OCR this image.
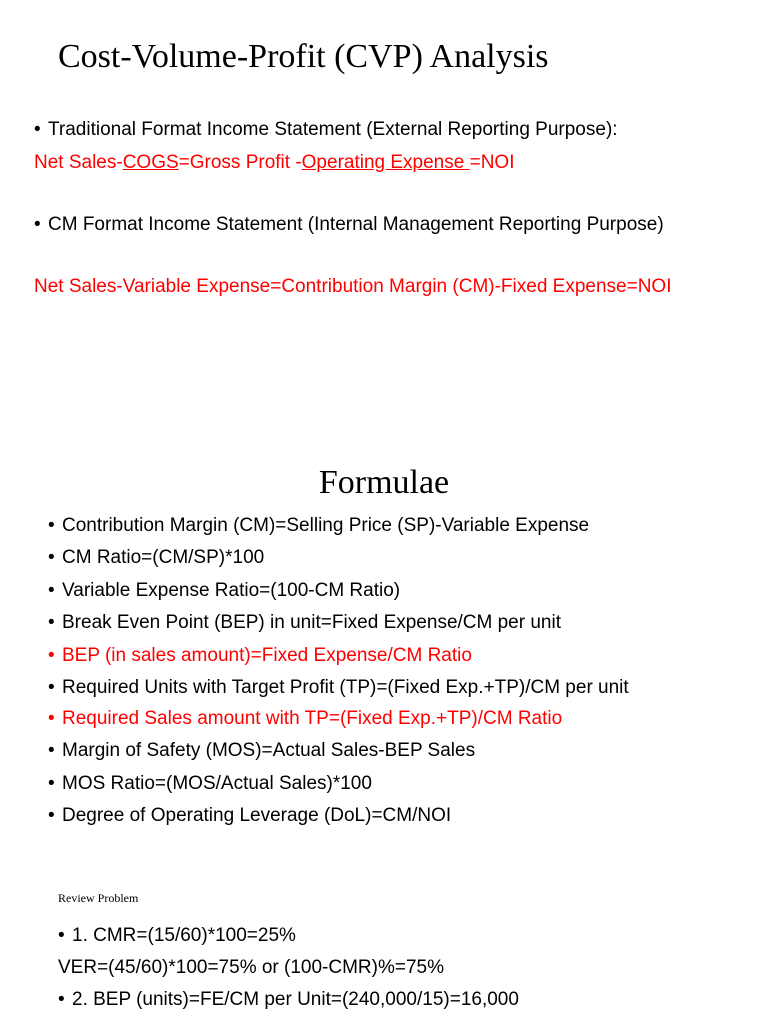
Cost-Volume-Profit (CVP) Analysis
• Traditional Format Income Statement (External Reporting Purpose):
Net Sales-COGS=Gross Profit -Operating Expense =NOI
• CM Format Income Statement (Internal Management Reporting Purpose)
Net Sales-Variable Expense=Contribution Margin (CM)-Fixed Expense=NOI
Formulae
• Contribution Margin (CM)=Selling Price (SP)-Variable Expense
• CM Ratio=(CM/SP)*100
• Variable Expense Ratio=(100-CM Ratio)
• Break Even Point (BEP) in unit=Fixed Expense/CM per unit
• BEP (in sales amount)=Fixed Expense/CM Ratio
• Required Units with Target Profit (TP)=(Fixed Exp.+TP)/CM per unit
• Required Sales amount with TP=(Fixed Exp.+TP)/CM Ratio
• Margin of Safety (MOS)=Actual Sales-BEP Sales
• MOS Ratio=(MOS/Actual Sales)*100
• Degree of Operating Leverage (DoL)=CM/NOI
Review Problem
• 1. CMR=(15/60)*100=25%
VER=(45/60)*100=75% or (100-CMR)%=75%
• 2. BEP (units)=FE/CM per Unit=(240,000/15)=16,000
